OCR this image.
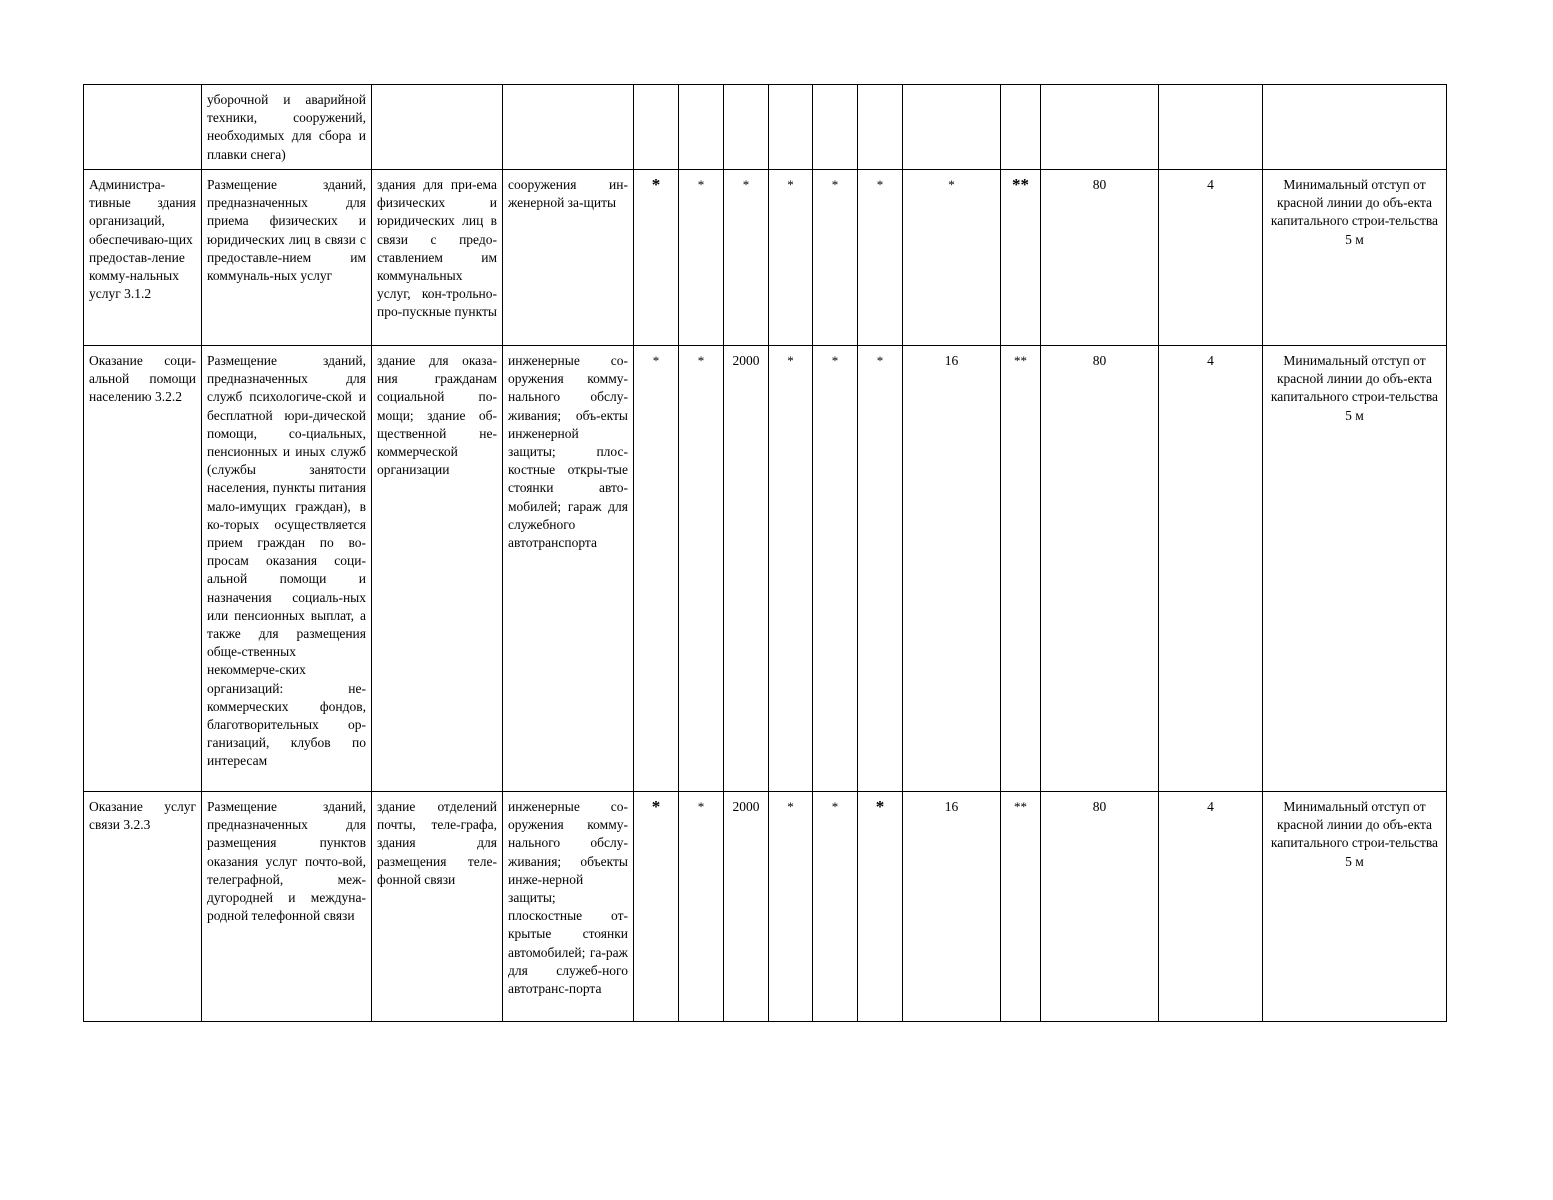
	уборочной и аварийной техники, сооружений, необходимых для сбора и плавки снега)													

Администра-тивные здания организаций, обеспечиваю-щих предостав-ление комму-нальных услуг 3.1.2	Размещение зданий, предназначенных для приема физических и юридических лиц в связи с предоставле-нием им коммуналь-ных услуг	здания для при-ема физических и юридических лиц в связи с предо-ставлением им коммунальных услуг, кон-трольно-про-пускные пункты	сооружения ин-женерной за-щиты	*	*	*	*	*	*	*	**	80	4	Минимальный отступ от красной линии до объ-екта капитального строи-тельства 5 м

Оказание соци-альной помощи населению 3.2.2	Размещение зданий, предназначенных для служб психологиче-ской и бесплатной юри-дической помощи, со-циальных, пенсионных и иных служб (службы занятости населения, пункты питания мало-имущих граждан), в ко-торых осуществляется прием граждан по во-просам оказания соци-альной помощи и назначения социаль-ных или пенсионных выплат, а также для размещения обще-ственных некоммерче-ских организаций: не-коммерческих фондов, благотворительных ор-ганизаций, клубов по интересам	здание для оказа-ния гражданам социальной по-мощи; здание об-щественной не-коммерческой организации	инженерные со-оружения комму-нального обслу-живания; объ-екты инженерной защиты; плос-костные откры-тые стоянки авто-мобилей; гараж для служебного автотранспорта	*	*	2000	*	*	*	16	**	80	4	Минимальный отступ от красной линии до объ-екта капитального строи-тельства 5 м

Оказание услуг связи 3.2.3	Размещение зданий, предназначенных для размещения пунктов оказания услуг почто-вой, телеграфной, меж-дугородней и междуна-родной телефонной связи	здание отделений почты, теле-графа, здания для размещения теле-фонной связи	инженерные со-оружения комму-нального обслу-живания; объекты инже-нерной защиты; плоскостные от-крытые стоянки автомобилей; га-раж для служеб-ного автотранс-порта	*	*	2000	*	*	*	16	**	80	4	Минимальный отступ от красной линии до объ-екта капитального строи-тельства 5 м
